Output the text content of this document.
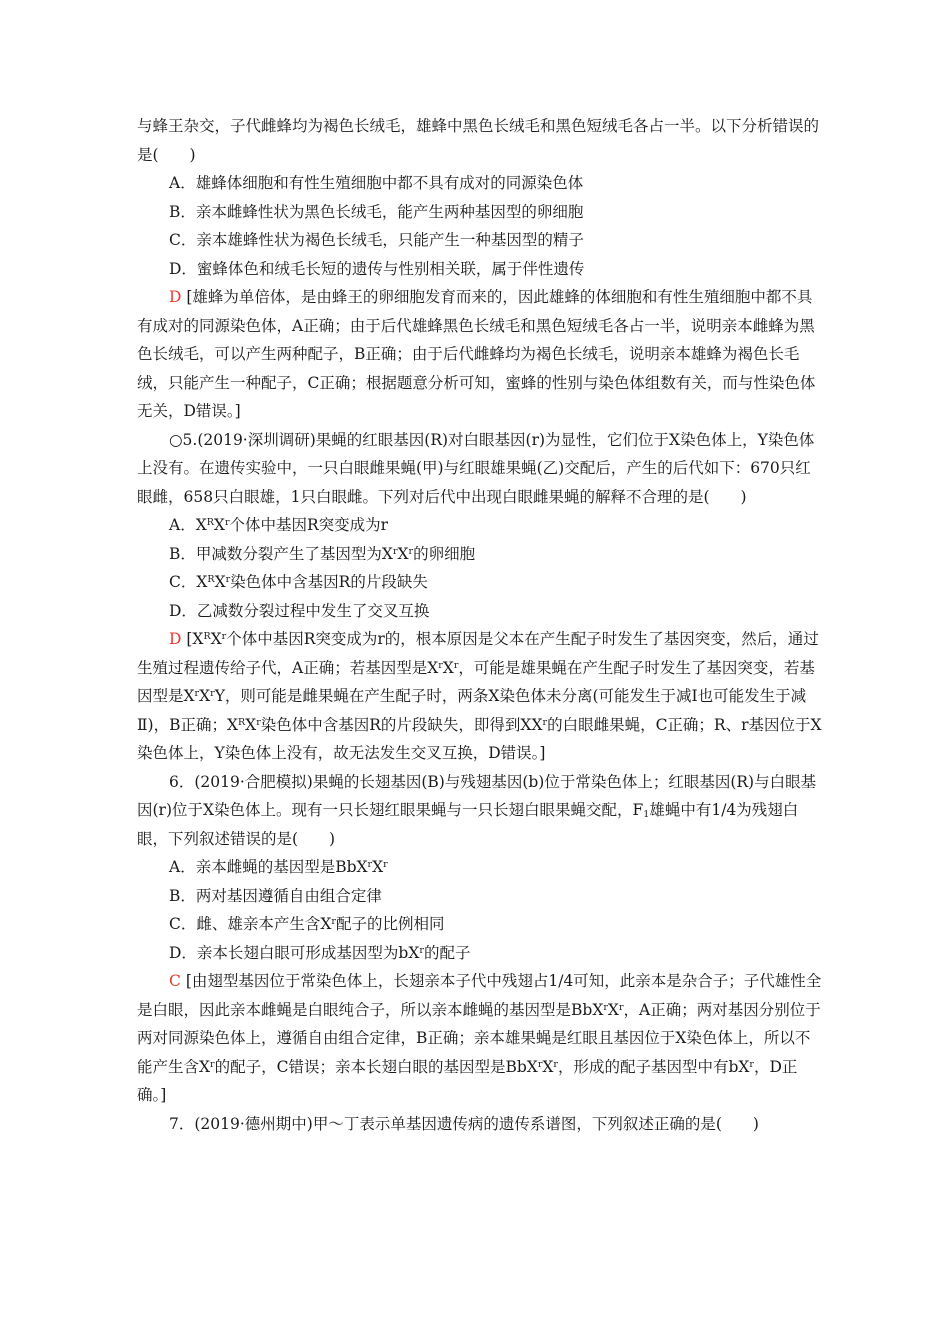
与蜂王杂交，子代雌蜂均为褐色长绒毛，雄蜂中黑色长绒毛和黑色短绒毛各占一半。以下分析错误的是(　　)

A．雄蜂体细胞和有性生殖细胞中都不具有成对的同源染色体

B．亲本雌蜂性状为黑色长绒毛，能产生两种基因型的卵细胞

C．亲本雄蜂性状为褐色长绒毛，只能产生一种基因型的精子

D．蜜蜂体色和绒毛长短的遗传与性别相关联，属于伴性遗传

D [雄蜂为单倍体，是由蜂王的卵细胞发育而来的，因此雄蜂的体细胞和有性生殖细胞中都不具有成对的同源染色体，A正确；由于后代雄蜂黑色长绒毛和黑色短绒毛各占一半，说明亲本雌蜂为黑色长绒毛，可以产生两种配子，B正确；由于后代雌蜂均为褐色长绒毛，说明亲本雄蜂为褐色长毛绒，只能产生一种配子，C正确；根据题意分析可知，蜜蜂的性别与染色体组数有关，而与性染色体无关，D错误。]

○5.(2019·深圳调研)果蝇的红眼基因(R)对白眼基因(r)为显性，它们位于X染色体上，Y染色体上没有。在遗传实验中，一只白眼雌果蝇(甲)与红眼雄果蝇(乙)交配后，产生的后代如下：670只红眼雌，658只白眼雄，1只白眼雌。下列对后代中出现白眼雌果蝇的解释不合理的是(　　)

A．$X^RX^r$个体中基因R突变成为r

B．甲减数分裂产生了基因型为$X^rX^r$的卵细胞

C．$X^RX^r$染色体中含基因R的片段缺失

D．乙减数分裂过程中发生了交叉互换

D [$X^RX^r$个体中基因R突变成为r的，根本原因是父本在产生配子时发生了基因突变，然后，通过生殖过程遗传给子代，A正确；若基因型是$X^rX^r$，可能是雄果蝇在产生配子时发生了基因突变，若基因型是$X^rX^rY$，则可能是雌果蝇在产生配子时，两条X染色体未分离(可能发生于减Ⅰ也可能发生于减Ⅱ)，B正确；$X^RX^r$染色体中含基因R的片段缺失，即得到$XX^r$的白眼雌果蝇，C正确；R、r基因位于X染色体上，Y染色体上没有，故无法发生交叉互换，D错误。]

6．(2019·合肥模拟)果蝇的长翅基因(B)与残翅基因(b)位于常染色体上；红眼基因(R)与白眼基因(r)位于X染色体上。现有一只长翅红眼果蝇与一只长翅白眼果蝇交配，$F_1$雄蝇中有1/4为残翅白眼，下列叙述错误的是(　　)

A．亲本雌蝇的基因型是$BbX^rX^r$

B．两对基因遵循自由组合定律

C．雌、雄亲本产生含$X^r$配子的比例相同

D．亲本长翅白眼可形成基因型为$bX^r$的配子

C [由翅型基因位于常染色体上，长翅亲本子代中残翅占1/4可知，此亲本是杂合子；子代雄性全是白眼，因此亲本雌蝇是白眼纯合子，所以亲本雌蝇的基因型是$BbX^rX^r$，A正确；两对基因分别位于两对同源染色体上，遵循自由组合定律，B正确；亲本雄果蝇是红眼且基因位于X染色体上，所以不能产生含$X^r$的配子，C错误；亲本长翅白眼的基因型是$BbX^rX^r$，形成的配子基因型中有$bX^r$，D正确。]

7．(2019·德州期中)甲～丁表示单基因遗传病的遗传系谱图，下列叙述正确的是(　　)
